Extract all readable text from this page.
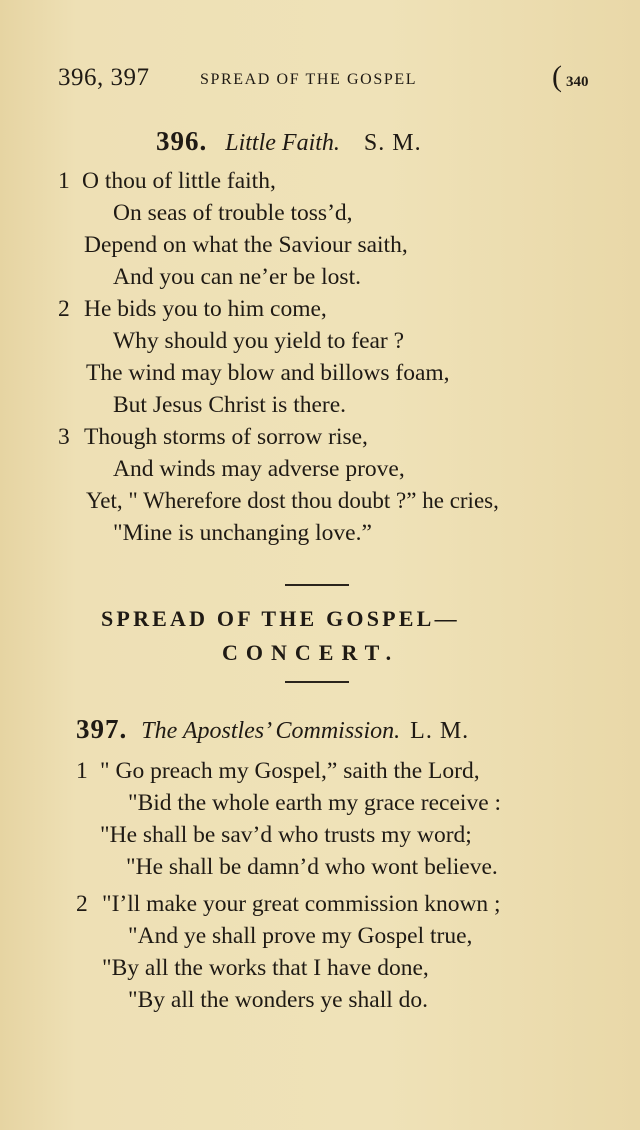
396, 397	SPREAD OF THE GOSPEL	( 340
396. Little Faith. S. M.
1 O thou of little faith,
On seas of trouble toss’d,
Depend on what the Saviour saith,
And you can ne’er be lost.
2 He bids you to him come,
Why should you yield to fear ?
The wind may blow and billows foam,
But Jesus Christ is there.
3 Though storms of sorrow rise,
And winds may adverse prove,
Yet, " Wherefore dost thou doubt ?” he cries,
"Mine is unchanging love.”
SPREAD OF THE GOSPEL—
CONCERT.
397. The Apostles’ Commission. L. M.
1 " Go preach my Gospel,” saith the Lord,
"Bid the whole earth my grace receive :
"He shall be sav’d who trusts my word;
"He shall be damn’d who wont believe.
2 "I’ll make your great commission known ;
"And ye shall prove my Gospel true,
"By all the works that I have done,
"By all the wonders ye shall do.
